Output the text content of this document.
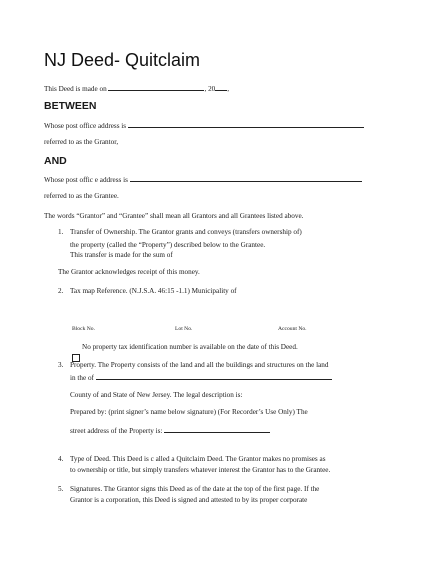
NJ Deed- Quitclaim
This Deed is made on	, 20 ,
BETWEEN
Whose post office address is
referred to as the Grantor,
AND
Whose post offic e address is
referred to as the Grantee.
The words “Grantor” and “Grantee” shall mean all Grantors and all Grantees listed above.
1. Transfer of Ownership. The Grantor grants and conveys (transfers ownership of)
the property (called the “Property”) described below to the Grantee.
This transfer is made for the sum of
The Grantor acknowledges receipt of this money.
2. Tax map Reference. (N.J.S.A. 46:15 -1.1) Municipality of
Block No.	Lot No.	Account No.
No property tax identification number is available on the date of this Deed.
3. Property. The Property consists of the land and all the buildings and structures on the land
in the of
County of and State of New Jersey. The legal description is:
Prepared by: (print signer’s name below signature) (For Recorder’s Use Only) The
street address of the Property is:
4. Type of Deed. This Deed is c alled a Quitclaim Deed. The Grantor makes no promises as
to ownership or title, but simply transfers whatever interest the Grantor has to the Grantee.
5. Signatures. The Grantor signs this Deed as of the date at the top of the first page. If the
Grantor is a corporation, this Deed is signed and attested to by its proper corporate
